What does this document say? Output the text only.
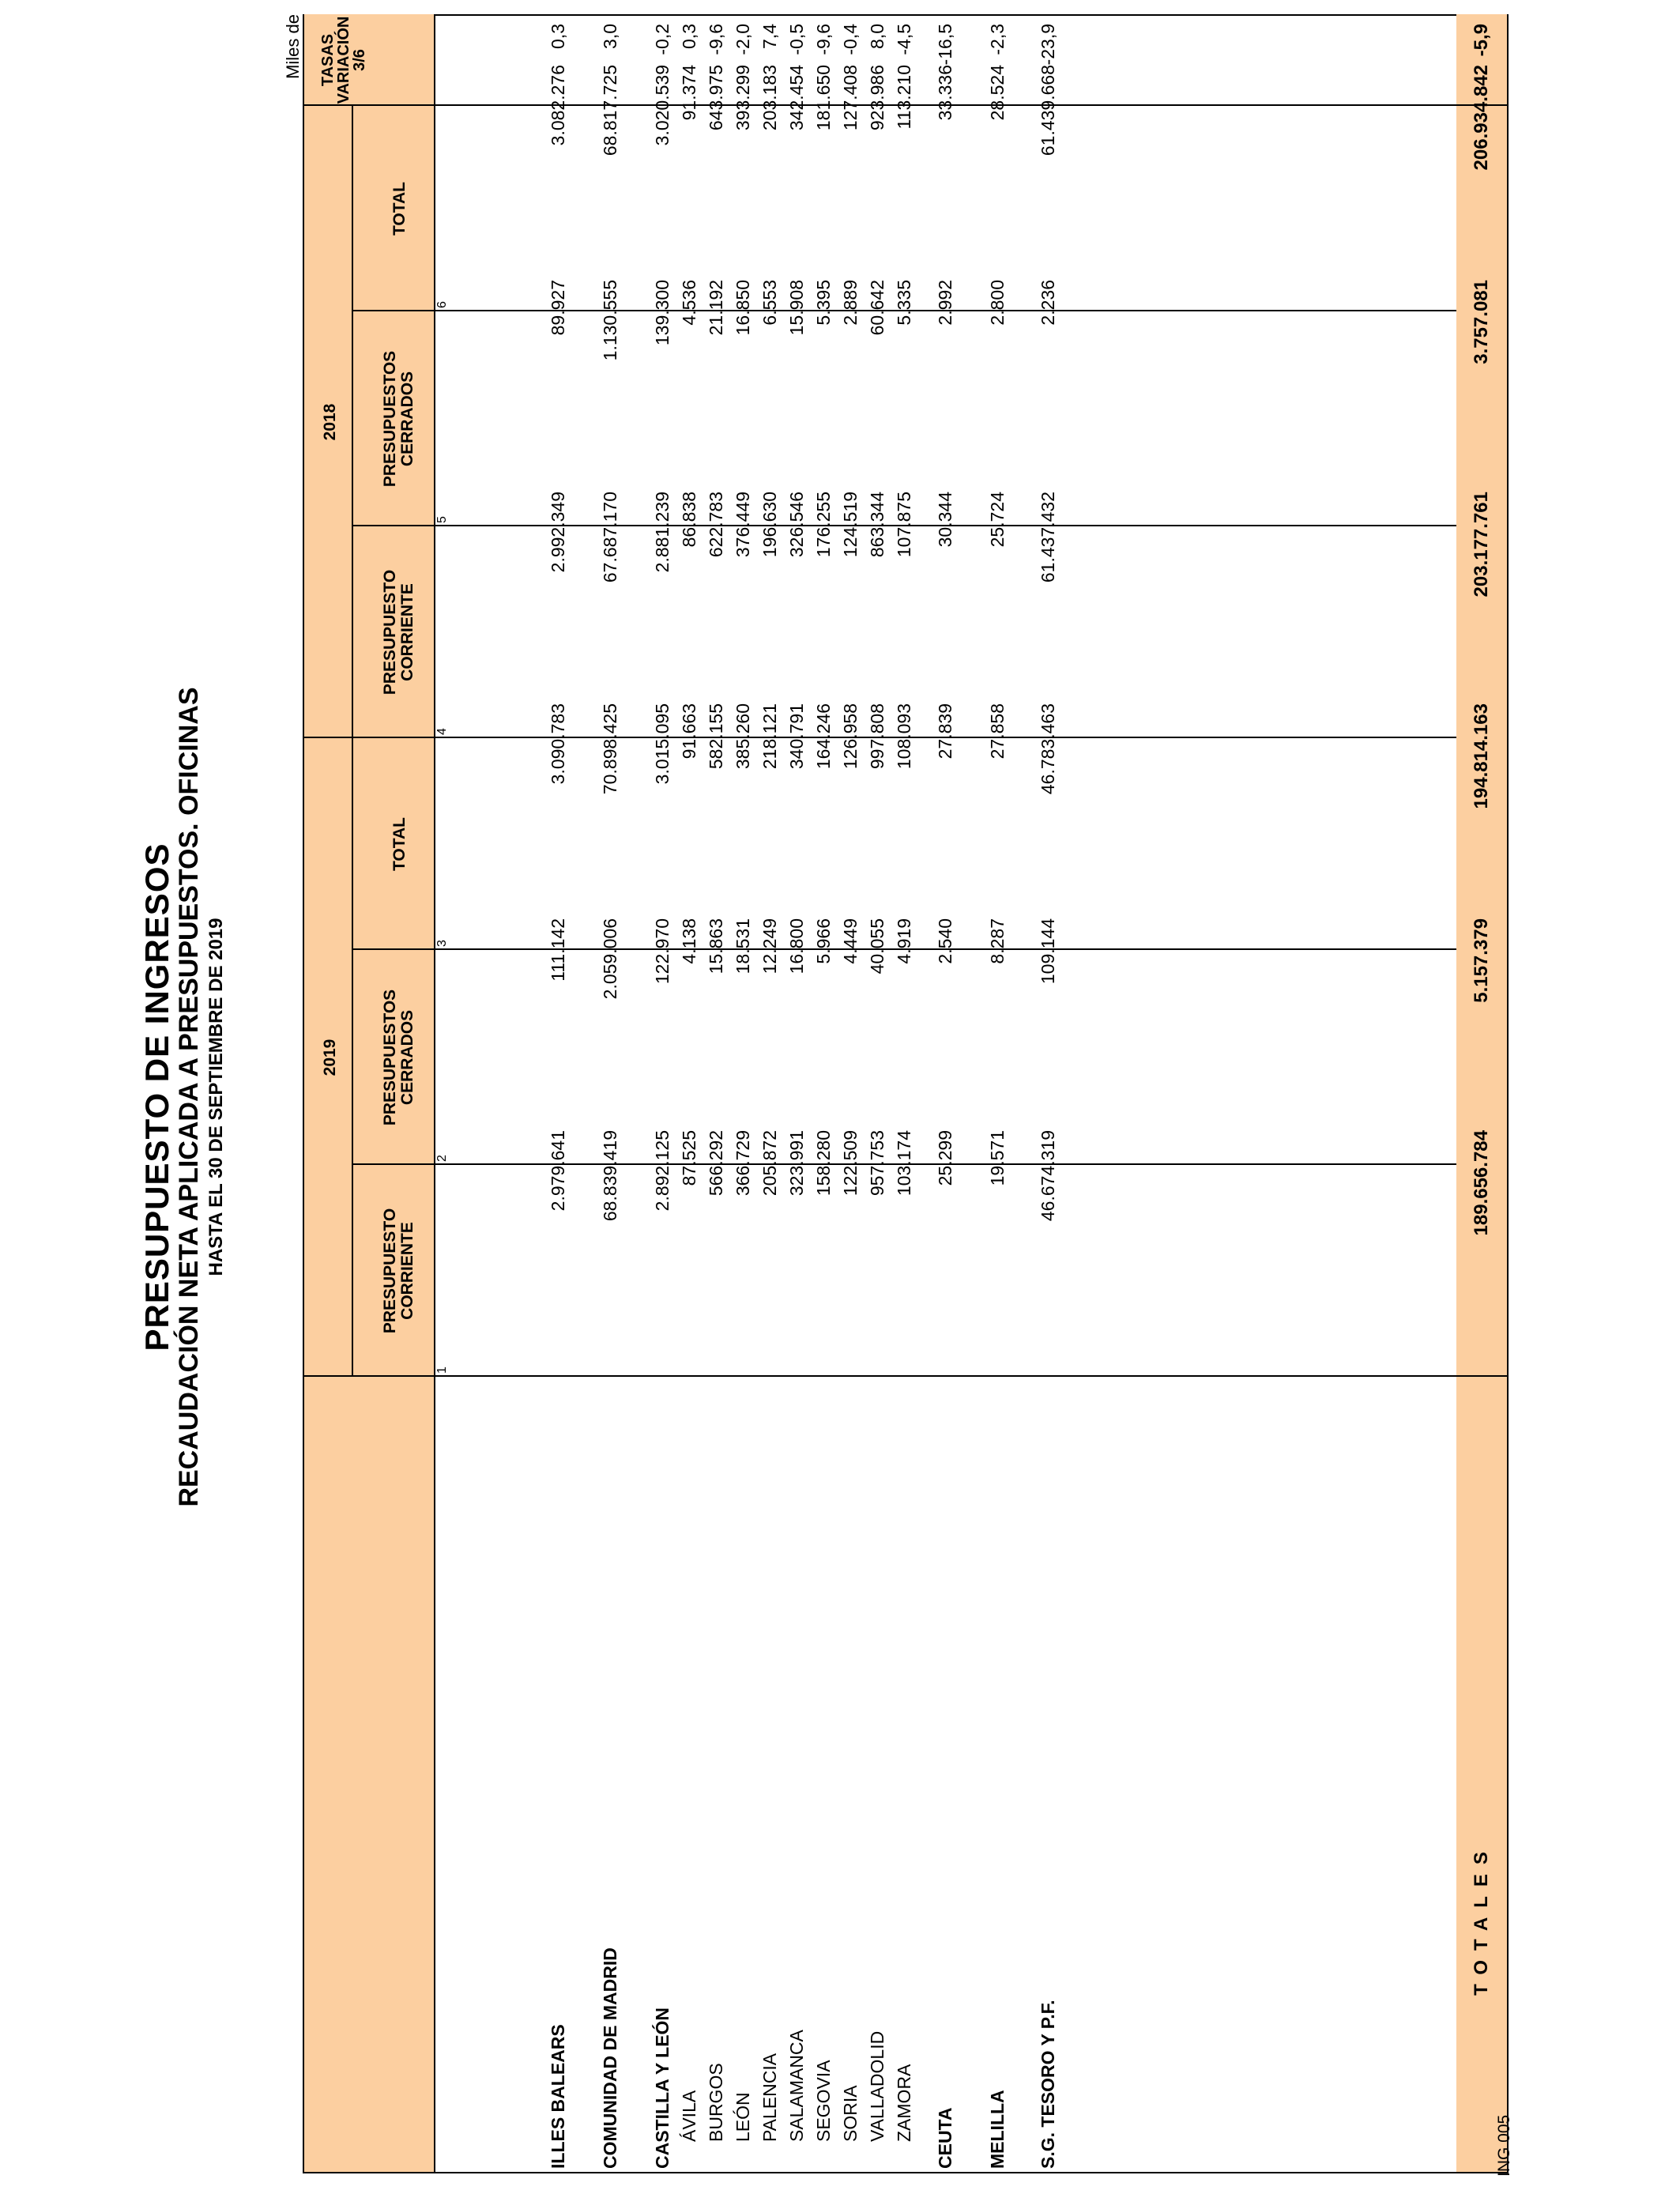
PRESUPUESTO DE INGRESOS
RECAUDACIÓN NETA APLICADA A PRESUPUESTOS. OFICINAS HASTA EL 30 DE SEPTIEMBRE DE 2019
Miles de
2019
2018
PRESUPUESTO CORRIENTE
PRESUPUESTOS CERRADOS
TOTAL
PRESUPUESTO CORRIENTE
PRESUPUESTOS CERRADOS
TOTAL
TASAS
VARIACIÓN
3/6
1
2
3
4
5
6
ILLES BALEARS
2.979.641
111.142
3.090.783
2.992.349
89.927
3.082.276
0,3
COMUNIDAD DE MADRID
68.839.419
2.059.006
70.898.425
67.687.170
1.130.555
68.817.725
3,0
CASTILLA Y LEÓN
2.892.125
122.970
3.015.095
2.881.239
139.300
3.020.539
-0,2
ÁVILA
87.525
4.138
91.663
86.838
4.536
91.374
0,3
BURGOS
566.292
15.863
582.155
622.783
21.192
643.975
-9,6
LEÓN
366.729
18.531
385.260
376.449
16.850
393.299
-2,0
PALENCIA
205.872
12.249
218.121
196.630
6.553
203.183
7,4
SALAMANCA
323.991
16.800
340.791
326.546
15.908
342.454
-0,5
SEGOVIA
158.280
5.966
164.246
176.255
5.395
181.650
-9,6
SORIA
122.509
4.449
126.958
124.519
2.889
127.408
-0,4
VALLADOLID
957.753
40.055
997.808
863.344
60.642
923.986
8,0
ZAMORA
103.174
4.919
108.093
107.875
5.335
113.210
-4,5
CEUTA
25.299
2.540
27.839
30.344
2.992
33.336
-16,5
MELILLA
19.571
8.287
27.858
25.724
2.800
28.524
-2,3
S.G. TESORO Y P.F.
46.674.319
109.144
46.783.463
61.437.432
2.236
61.439.668
-23,9
TOTALES
189.656.784
5.157.379
194.814.163
203.177.761
3.757.081
206.934.842
-5,9
ING 005
